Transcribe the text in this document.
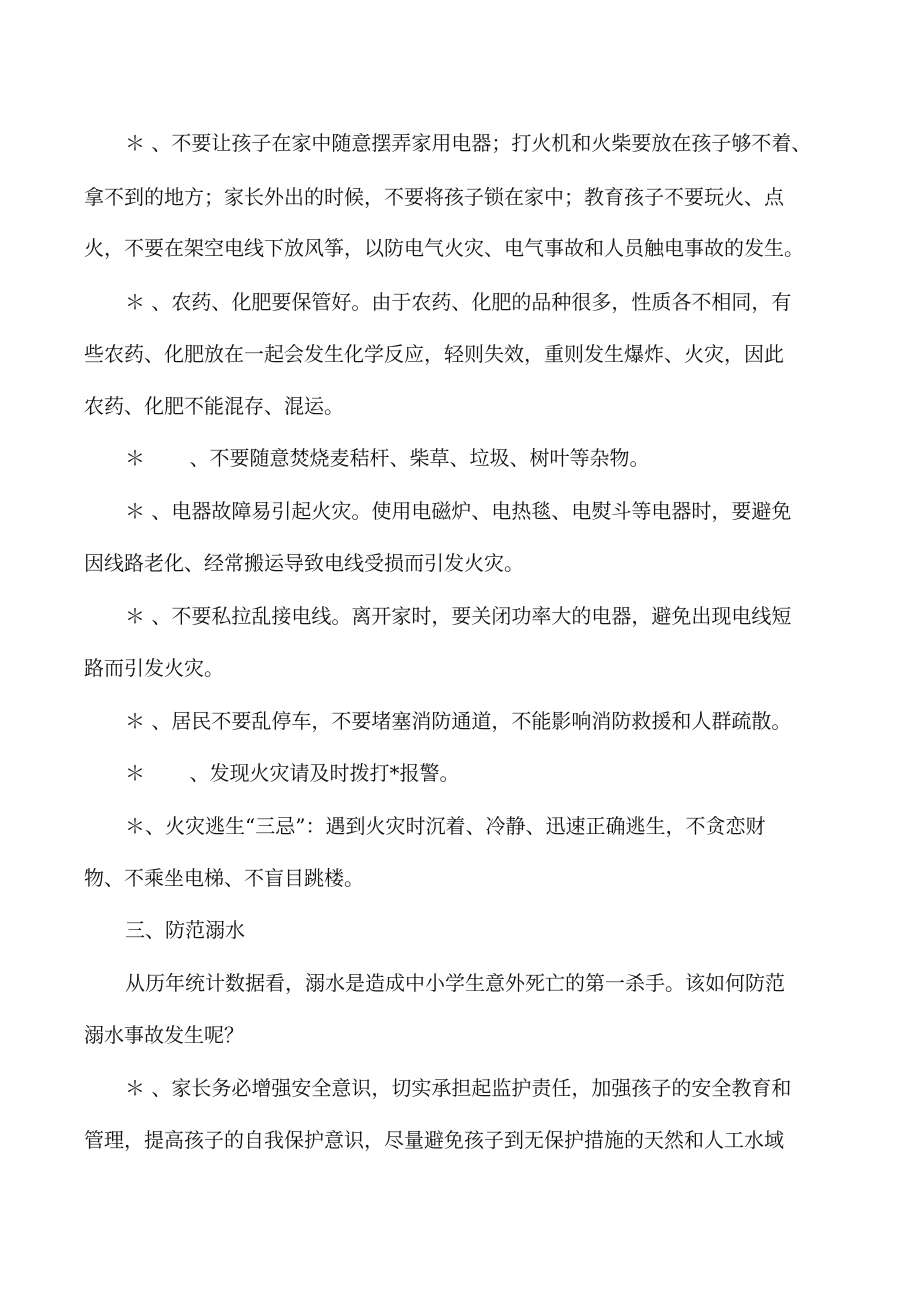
＊ 、不要让孩子在家中随意摆弄家用电器；打火机和火柴要放在孩子够不着、
拿不到的地方；家长外出的时候，不要将孩子锁在家中；教育孩子不要玩火、点
火，不要在架空电线下放风筝，以防电气火灾、电气事故和人员触电事故的发生。
＊ 、农药、化肥要保管好。由于农药、化肥的品种很多，性质各不相同，有
些农药、化肥放在一起会发生化学反应，轻则失效，重则发生爆炸、火灾，因此
农药、化肥不能混存、混运。
＊       、不要随意焚烧麦秸杆、柴草、垃圾、树叶等杂物。
＊ 、电器故障易引起火灾。使用电磁炉、电热毯、电熨斗等电器时，要避免
因线路老化、经常搬运导致电线受损而引发火灾。
＊ 、不要私拉乱接电线。离开家时，要关闭功率大的电器，避免出现电线短
路而引发火灾。
＊ 、居民不要乱停车，不要堵塞消防通道，不能影响消防救援和人群疏散。
＊       、发现火灾请及时拨打*报警。
＊、火灾逃生“三忌”：遇到火灾时沉着、冷静、迅速正确逃生，不贪恋财
物、不乘坐电梯、不盲目跳楼。
三、防范溺水
从历年统计数据看，溺水是造成中小学生意外死亡的第一杀手。该如何防范
溺水事故发生呢？
＊ 、家长务必增强安全意识，切实承担起监护责任，加强孩子的安全教育和
管理，提高孩子的自我保护意识，尽量避免孩子到无保护措施的天然和人工水域
